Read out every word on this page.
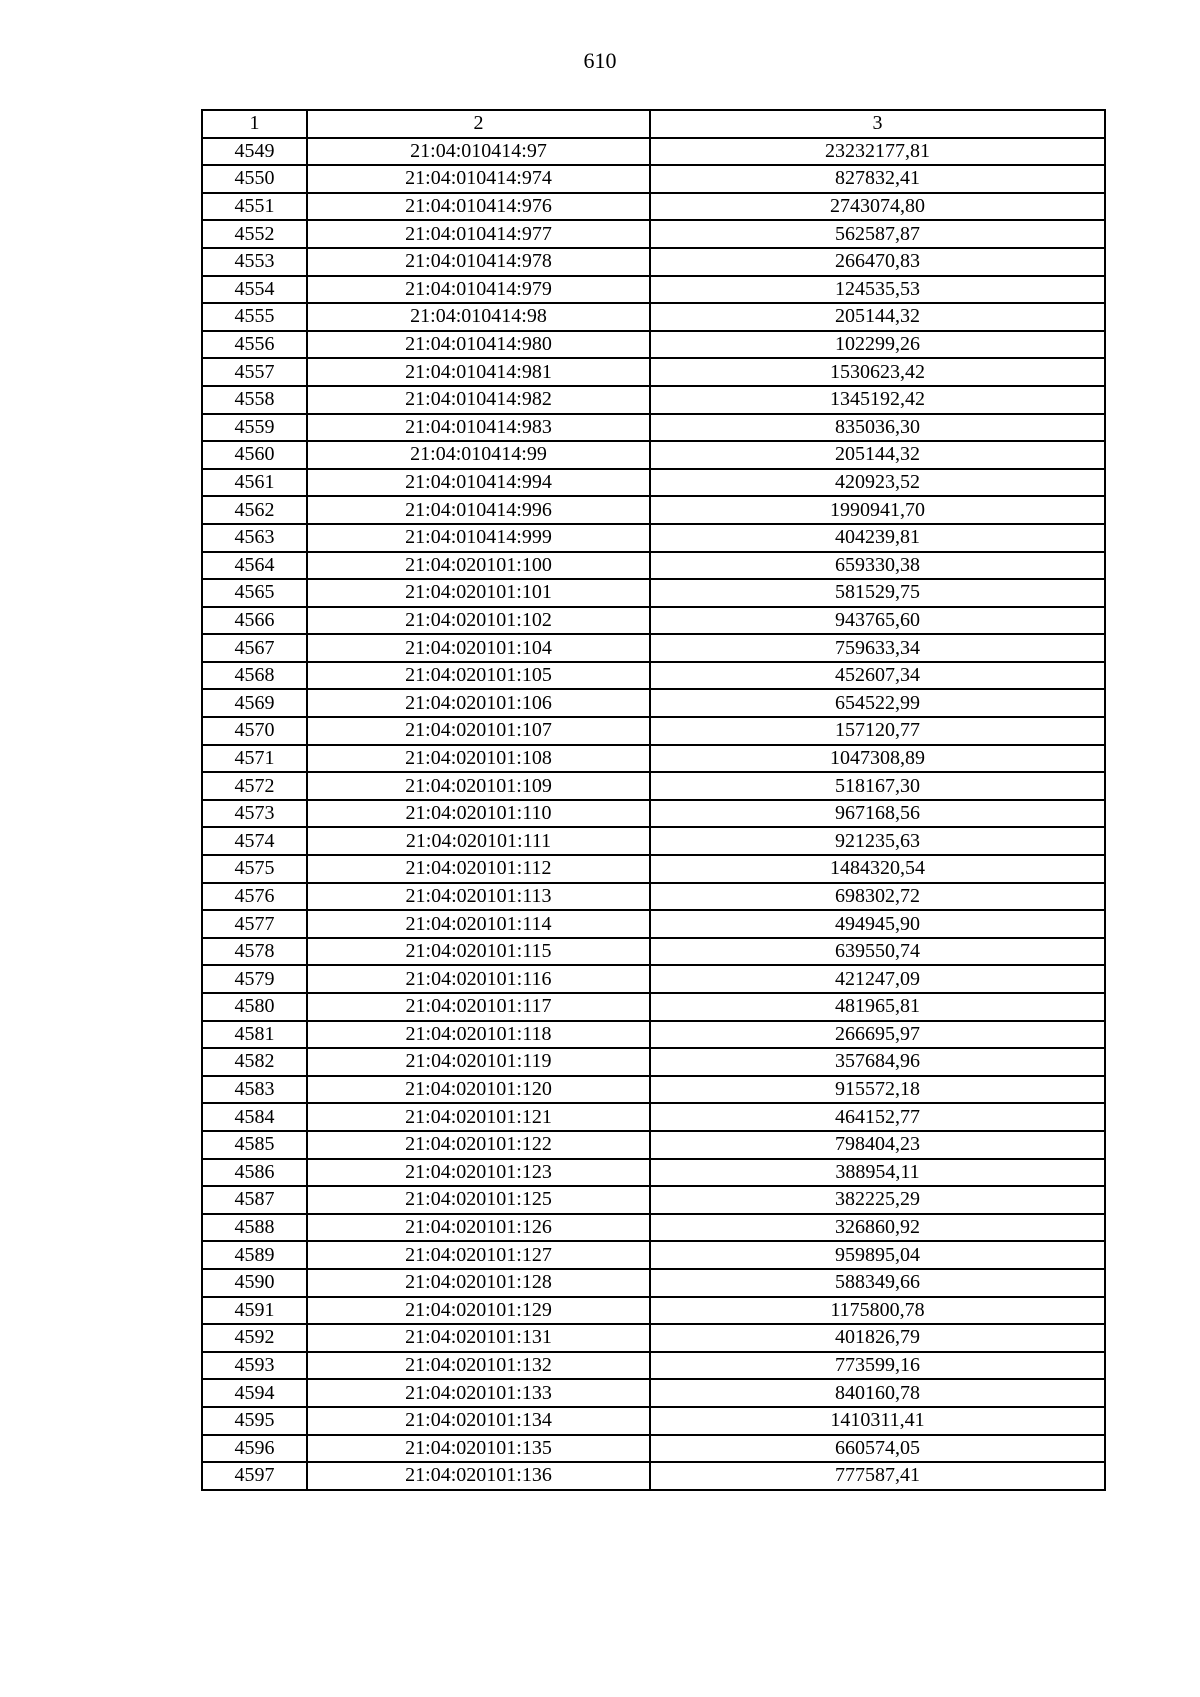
610
1	2	3
4549	21:04:010414:97	23232177,81
4550	21:04:010414:974	827832,41
4551	21:04:010414:976	2743074,80
4552	21:04:010414:977	562587,87
4553	21:04:010414:978	266470,83
4554	21:04:010414:979	124535,53
4555	21:04:010414:98	205144,32
4556	21:04:010414:980	102299,26
4557	21:04:010414:981	1530623,42
4558	21:04:010414:982	1345192,42
4559	21:04:010414:983	835036,30
4560	21:04:010414:99	205144,32
4561	21:04:010414:994	420923,52
4562	21:04:010414:996	1990941,70
4563	21:04:010414:999	404239,81
4564	21:04:020101:100	659330,38
4565	21:04:020101:101	581529,75
4566	21:04:020101:102	943765,60
4567	21:04:020101:104	759633,34
4568	21:04:020101:105	452607,34
4569	21:04:020101:106	654522,99
4570	21:04:020101:107	157120,77
4571	21:04:020101:108	1047308,89
4572	21:04:020101:109	518167,30
4573	21:04:020101:110	967168,56
4574	21:04:020101:111	921235,63
4575	21:04:020101:112	1484320,54
4576	21:04:020101:113	698302,72
4577	21:04:020101:114	494945,90
4578	21:04:020101:115	639550,74
4579	21:04:020101:116	421247,09
4580	21:04:020101:117	481965,81
4581	21:04:020101:118	266695,97
4582	21:04:020101:119	357684,96
4583	21:04:020101:120	915572,18
4584	21:04:020101:121	464152,77
4585	21:04:020101:122	798404,23
4586	21:04:020101:123	388954,11
4587	21:04:020101:125	382225,29
4588	21:04:020101:126	326860,92
4589	21:04:020101:127	959895,04
4590	21:04:020101:128	588349,66
4591	21:04:020101:129	1175800,78
4592	21:04:020101:131	401826,79
4593	21:04:020101:132	773599,16
4594	21:04:020101:133	840160,78
4595	21:04:020101:134	1410311,41
4596	21:04:020101:135	660574,05
4597	21:04:020101:136	777587,41
